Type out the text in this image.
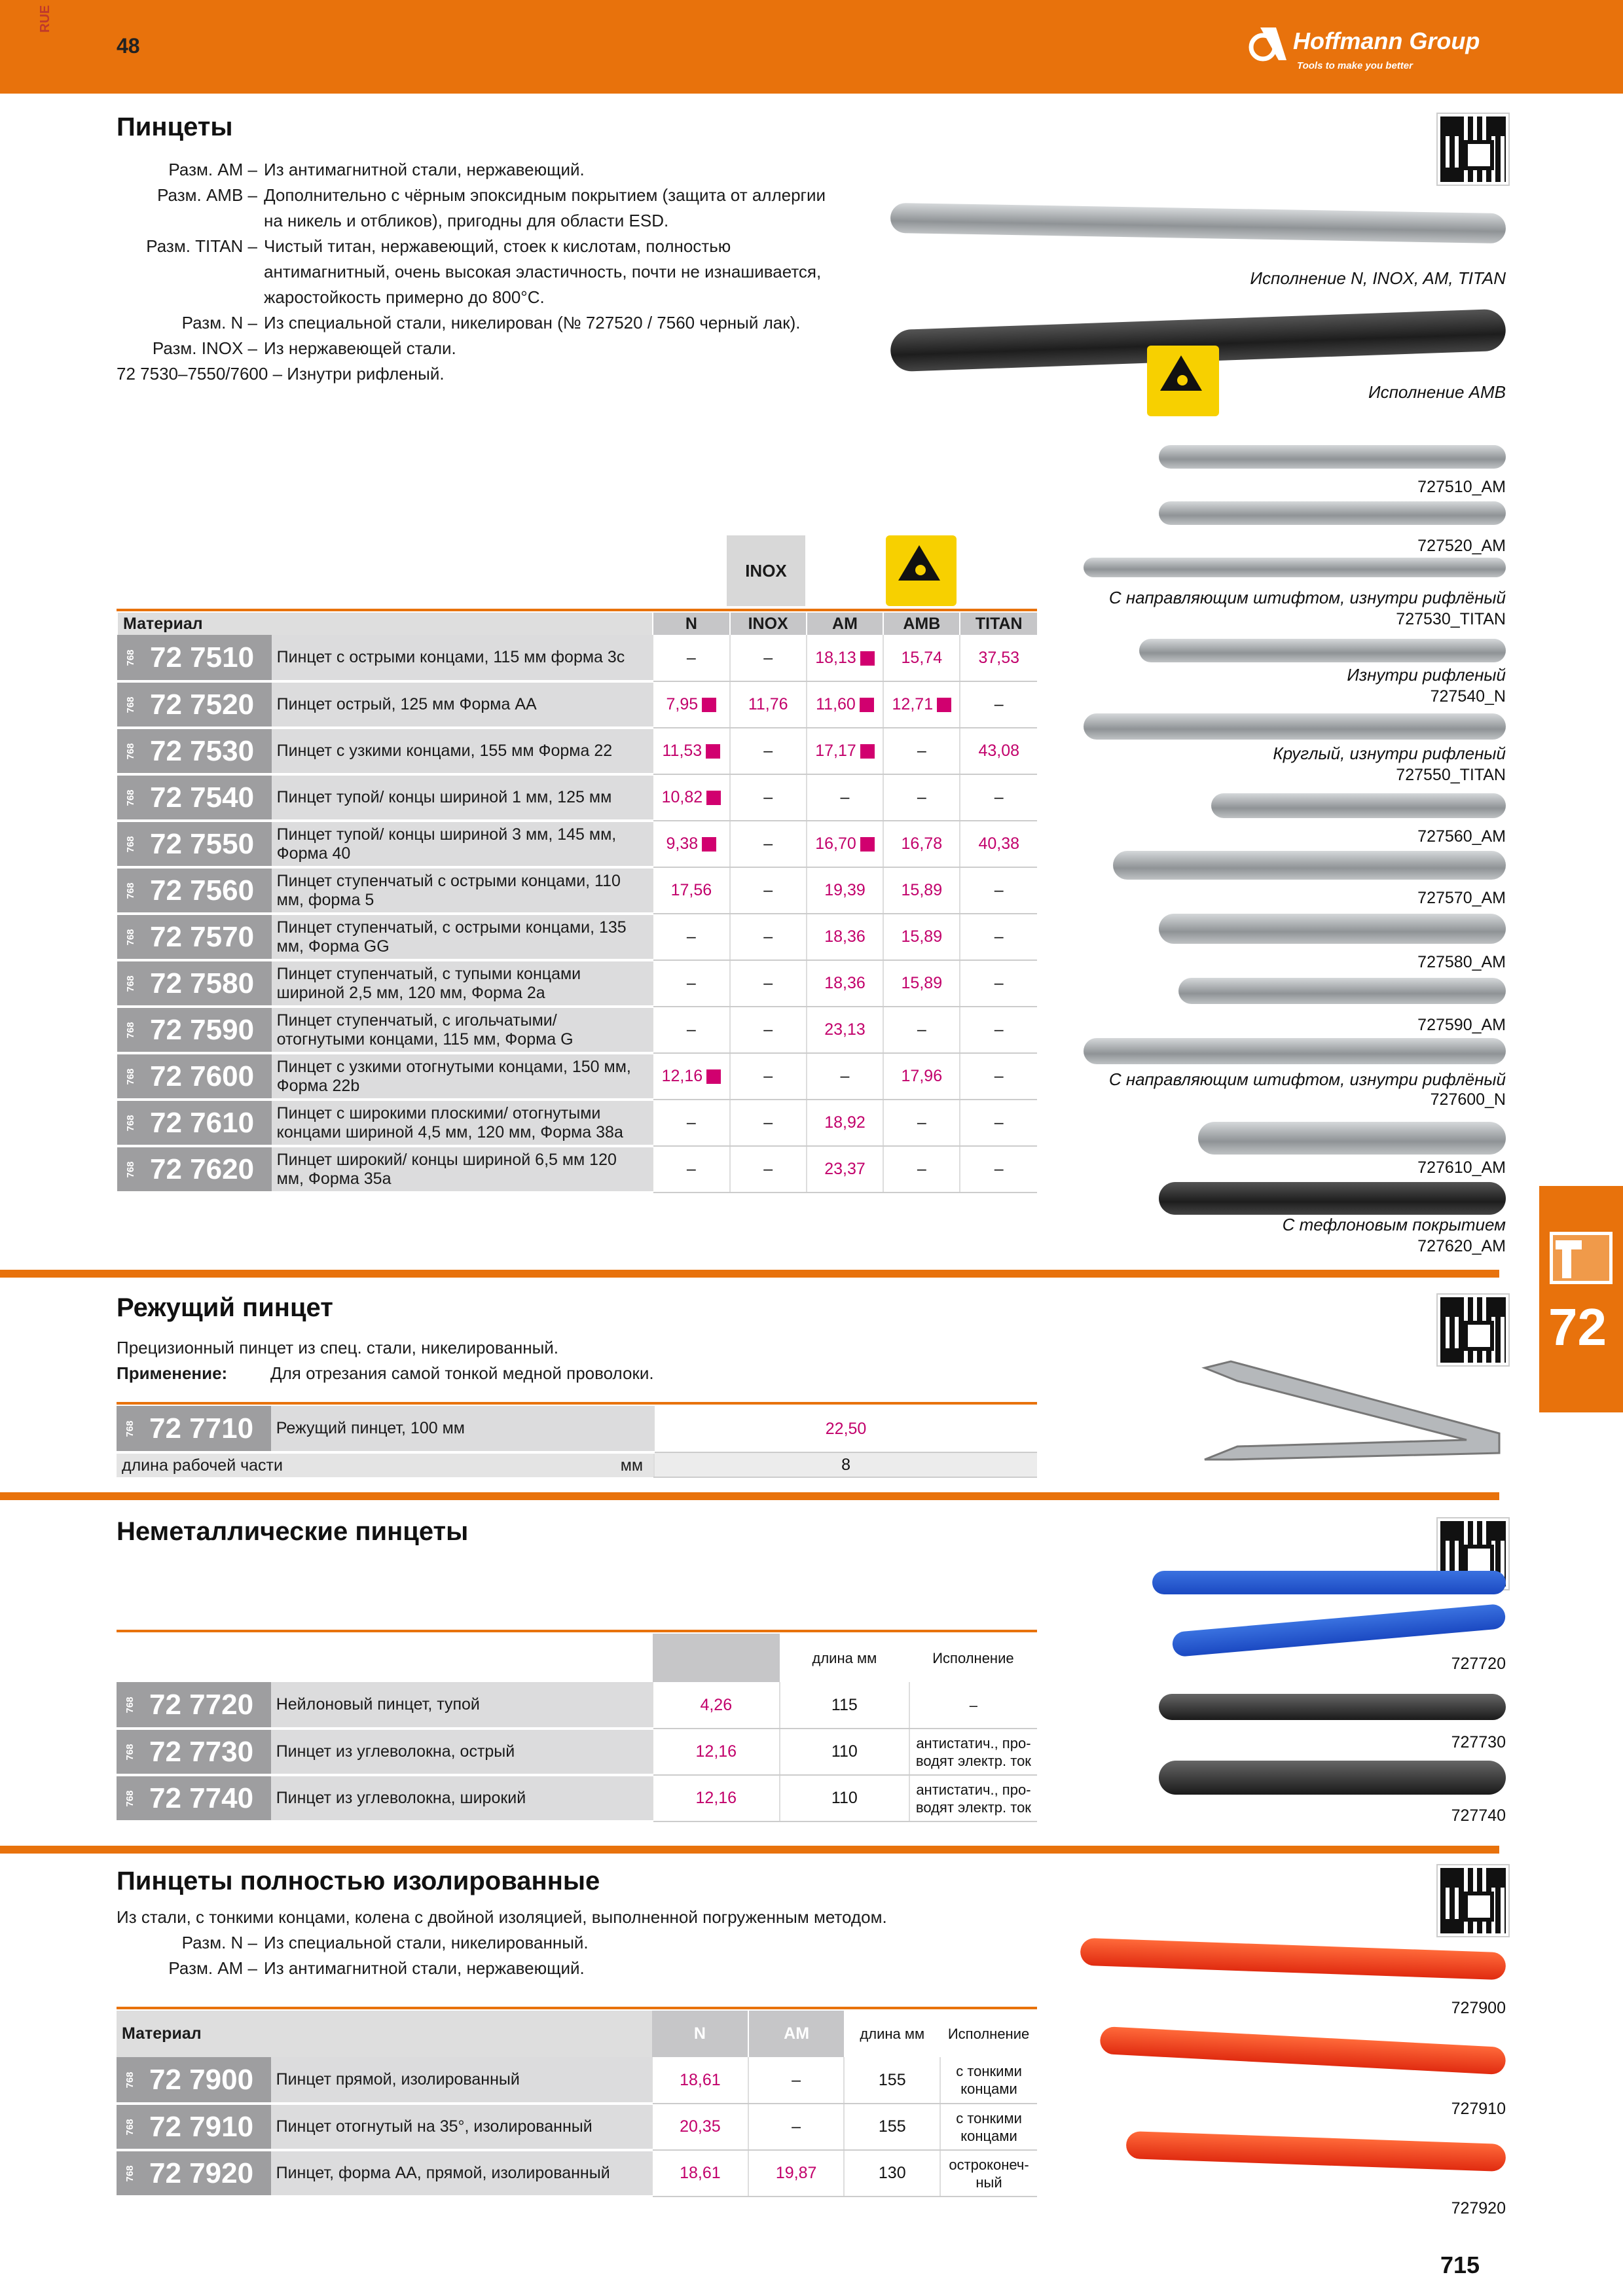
RUE
48	Hoffmann Group
Tools to make you better
Пинцеты
Разм. AM – Из антимагнитной стали, нержавеющий.
Разм. AMB – Дополнительно с чёрным эпоксидным покрытием (защита от аллергии на никель и отбликов), пригодны для области ESD.
Разм. TITAN – Чистый титан, нержавеющий, стоек к кислотам, полностью антимагнитный, очень высокая эластичность, почти не изнашивается, жаростойкость примерно до 800°C.
Разм. N – Из специальной стали, никелирован (№ 727520 / 7560 черный лак).
Разм. INOX – Из нержавеющей стали.
72 7530–7550/7600 – Изнутри рифленый.
Исполнение N, INOX, AM, TITAN
Исполнение AMB
INOX
Материал		N	INOX	AM	AMB	TITAN

768 72 7510	Пинцет с острыми концами, 115 мм форма 3c	–	–	18,13	15,74	37,53

768 72 7520	Пинцет острый, 125 мм Форма AA	7,95	11,76	11,60	12,71	–

768 72 7530	Пинцет с узкими концами, 155 мм Форма 22	11,53	–	17,17	–	43,08

768 72 7540	Пинцет тупой/ концы шириной 1 мм, 125 мм	10,82	–	–	–	–

768 72 7550	Пинцет тупой/ концы шириной 3 мм, 145 мм, Форма 40	9,38	–	16,70	16,78	40,38

768 72 7560	Пинцет ступенчатый с острыми концами, 110 мм, форма 5	17,56	–	19,39	15,89	–

768 72 7570	Пинцет ступенчатый, с острыми концами, 135 мм, Форма GG	–	–	18,36	15,89	–

768 72 7580	Пинцет ступенчатый, с тупыми концами шириной 2,5 мм, 120 мм, Форма 2a	–	–	18,36	15,89	–

768 72 7590	Пинцет ступенчатый, с игольчатыми/ отогнутыми концами, 115 мм, Форма G	–	–	23,13	–	–

768 72 7600	Пинцет с узкими отогнутыми концами, 150 мм, Форма 22b	12,16	–	–	17,96	–

768 72 7610	Пинцет с широкими плоскими/ отогнутыми концами шириной 4,5 мм, 120 мм, Форма 38a	–	–	18,92	–	–

768 72 7620	Пинцет широкий/ концы шириной 6,5 мм 120 мм, Форма 35a	–	–	23,37	–	–
727510_AM
727520_AM
С направляющим штифтом, изнутри рифлёный
727530_TITAN
Изнутри рифленый
727540_N
Круглый, изнутри рифленый
727550_TITAN
727560_AM
727570_AM
727580_AM
727590_AM
С направляющим штифтом, изнутри рифлёный
727600_N
727610_AM
С тефлоновым покрытием
727620_AM
72
Режущий пинцет
Прецизионный пинцет из спец. стали, никелированный.
Применение:	Для отрезания самой тонкой медной проволоки.
768 72 7710	Режущий пинцет, 100 мм	22,50
длина рабочей части мм		8
Неметаллические пинцеты
			длина мм	Исполнение

768 72 7720	Нейлоновый пинцет, тупой	4,26	115	–

768 72 7730	Пинцет из углеволокна, острый	12,16	110	антистатич., про- водят электр. ток

768 72 7740	Пинцет из углеволокна, широкий	12,16	110	антистатич., про- водят электр. ток
727720
727730
727740
Пинцеты полностью изолированные
Из стали, с тонкими концами, колена с двойной изоляцией, выполненной погруженным методом.
Разм. N – Из специальной стали, никелированный.
Разм. AM – Из антимагнитной стали, нержавеющий.
Материал		N	AM	длина мм	Исполнение

768 72 7900	Пинцет прямой, изолированный	18,61	–	155	с тонкими концами

768 72 7910	Пинцет отогнутый на 35°, изолированный	20,35	–	155	с тонкими концами

768 72 7920	Пинцет, форма AA, прямой, изолированный	18,61	19,87	130	остроконеч- ный
727900
727910
727920
715
